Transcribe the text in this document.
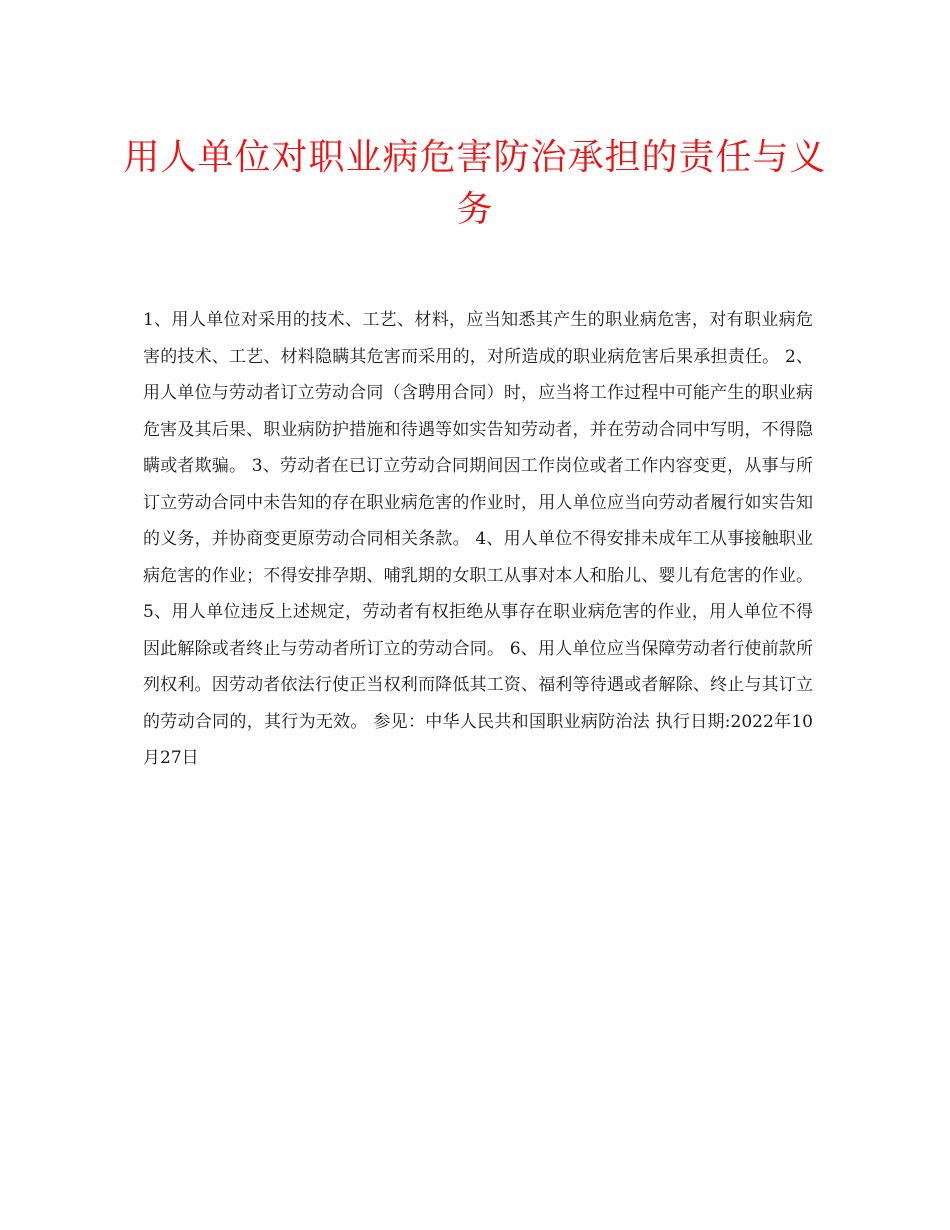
用人单位对职业病危害防治承担的责任与义务

1、用人单位对采用的技术、工艺、材料，应当知悉其产生的职业病危害，对有职业病危害的技术、工艺、材料隐瞒其危害而采用的，对所造成的职业病危害后果承担责任。 2、用人单位与劳动者订立劳动合同（含聘用合同）时，应当将工作过程中可能产生的职业病危害及其后果、职业病防护措施和待遇等如实告知劳动者，并在劳动合同中写明，不得隐瞒或者欺骗。 3、劳动者在已订立劳动合同期间因工作岗位或者工作内容变更，从事与所订立劳动合同中未告知的存在职业病危害的作业时，用人单位应当向劳动者履行如实告知的义务，并协商变更原劳动合同相关条款。 4、用人单位不得安排未成年工从事接触职业病危害的作业；不得安排孕期、哺乳期的女职工从事对本人和胎儿、婴儿有危害的作业。 5、用人单位违反上述规定，劳动者有权拒绝从事存在职业病危害的作业，用人单位不得因此解除或者终止与劳动者所订立的劳动合同。 6、用人单位应当保障劳动者行使前款所列权利。因劳动者依法行使正当权利而降低其工资、福利等待遇或者解除、终止与其订立的劳动合同的，其行为无效。 参见：中华人民共和国职业病防治法 执行日期:2022年10月27日
